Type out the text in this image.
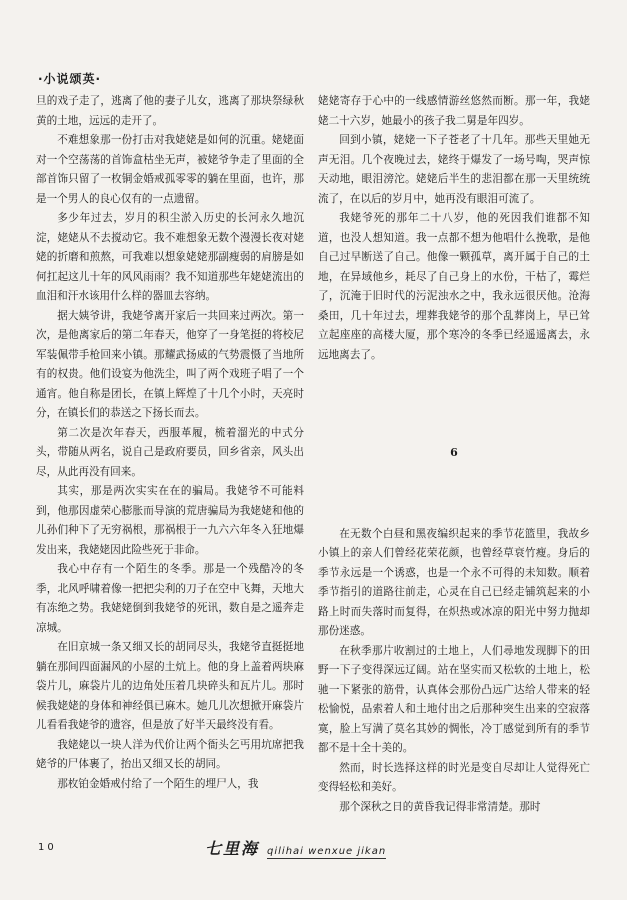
·小说颂英·

旦的戏子走了，逃离了他的妻子儿女，逃离了那块祭绿秋黄的土地，远远的走开了。

不难想象那一份打击对我姥姥是如何的沉重。姥姥面对一个空荡荡的首饰盒枯坐无声，被姥爷争走了里面的全部首饰只留了一枚铜金婚戒孤零零的躺在里面，也许，那是一个男人的良心仅有的一点遗留。

多少年过去，岁月的积尘淤入历史的长河永久地沉淀，姥姥从不去搅动它。我不难想象无数个漫漫长夜对姥姥的折磨和煎熬，可我难以想象姥姥那副瘦弱的肩膀是如何扛起这儿十年的风风雨雨？我不知道那些年姥姥流出的血泪和汗水该用什么样的器皿去容纳。

据大姨爷讲，我姥爷离开家后一共回来过两次。第一次，是他离家后的第二年春天，他穿了一身笔挺的将校尼军装佩带手枪回来小镇。那耀武扬威的气势震慑了当地所有的权贵。他们设宴为他洗尘，叫了两个戏班子唱了一个通宵。他自称是团长，在镇上辉煌了十几个小时，天亮时分，在镇长们的恭送之下扬长而去。

第二次是次年春天，西服革履，梳着溜光的中式分头，带随从两名，说自己是政府要员，回乡省亲，风头出尽，从此再没有回来。

其实，那是两次实实在在的骗局。我姥爷不可能料到，他那因虚荣心膨胀而导演的荒唐骗局为我姥姥和他的儿孙们种下了无穷祸根，那祸根于一九六六年冬入狂地爆发出来，我姥姥因此险些死于非命。

我心中存有一个陌生的冬季。那是一个残酷冷的冬季，北风呼啸着像一把把尖利的刀子在空中飞舞，天地大有冻绝之势。我姥姥倒到我姥爷的死讯，数自是之遥奔走凉城。

在旧京城一条又细又长的胡同尽头，我姥爷直挺挺地躺在那间四面漏风的小屋的土炕上。他的身上盖着两块麻袋片儿，麻袋片儿的边角处压着几块碎头和瓦片儿。那时候我姥姥的身体和神经俱已麻木。她几儿次想掀开麻袋片儿看看我姥爷的遗容，但是放了好半天最终没有看。

我姥姥以一块人洋为代价让两个衙头乞丐用坑席把我姥爷的尸体裹了，抬出又细又长的胡同。

那枚铂金婚戒付给了一个陌生的埋尸人，我

姥姥寄存于心中的一线感情游丝悠然而断。那一年，我姥姥二十六岁，她最小的孩子我二舅是年四岁。

回到小镇，姥姥一下子苍老了十几年。那些天里她无声无泪。几个夜晚过去，姥终于爆发了一场号啕，哭声惊天动地，眼泪滂沱。姥姥后半生的悲泪都在那一天里统统流了，在以后的岁月中，她再没有眼泪可流了。

我姥爷死的那年二十八岁，他的死因我们谁都不知道，也没人想知道。我一点都不想为他唱什么挽歌，是他自己过早断送了自己。他像一颗孤草，离开属于自己的土地，在异域他乡，耗尽了自己身上的水份，干枯了，霉烂了，沉淹于旧时代的污泥浊水之中，我永远很厌他。沧海桑田，几十年过去，埋葬我姥爷的那个乱葬岗上，早已耸立起座座的高楼大厦，那个寒冷的冬季已经遥遥离去，永远地离去了。

6

在无数个白昼和黑夜编织起来的季节花篮里，我故乡小镇上的亲人们曾经花荣花颜，也曾经草衰竹瘦。身后的季节永远是一个诱惑，也是一个永不可得的未知数。顺着季节指引的道路往前走，心灵在自己已经走铺筑起来的小路上时而失落时而复得，在炽热或冰凉的阳光中努力抛却那份迷惑。

在秋季那片收割过的土地上，人们尋地发现脚下的田野一下子变得深远辽阔。站在坚实而又松软的土地上，松驰一下紧张的筋骨，认真体会那份凸远广达给人带来的轻松愉悦，品索着人和土地付出之后那种突生出来的空寂落寞，脸上写满了莫名其妙的惆怅，冷丁感觉到所有的季节都不是十全十美的。

然而，时长选择这样的时光是变自尽却让人觉得死亡变得轻松和美好。

那个深秋之日的黄昏我记得非常清楚。那时

10	七里海 qilihai wenxue jikan
